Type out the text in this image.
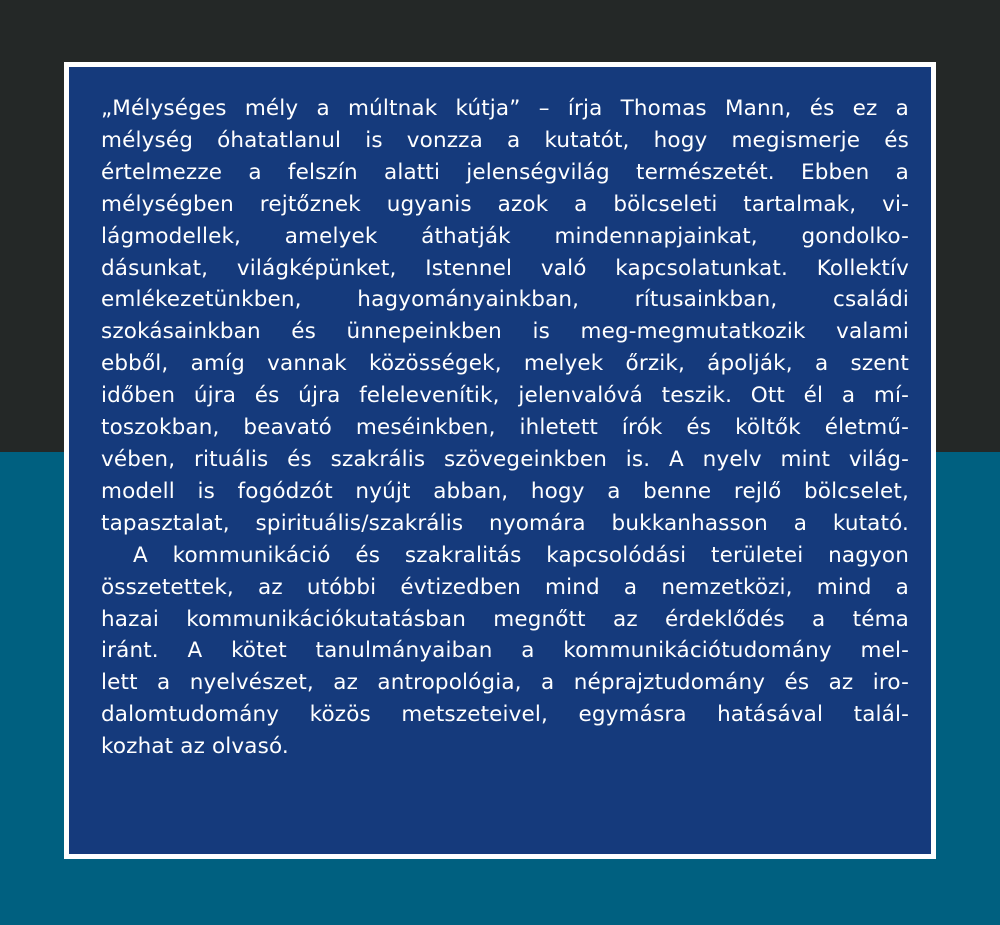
„Mélységes mély a múltnak kútja” – írja Thomas Mann, és ez a
mélység óhatatlanul is vonzza a kutatót, hogy megismerje és
értelmezze a felszín alatti jelenségvilág természetét. Ebben a
mélységben rejtőznek ugyanis azok a bölcseleti tartalmak, vi-
lágmodellek, amelyek áthatják mindennapjainkat, gondolko-
dásunkat, világképünket, Istennel való kapcsolatunkat. Kollektív
emlékezetünkben, hagyományainkban, rítusainkban, családi
szokásainkban és ünnepeinkben is meg-megmutatkozik valami
ebből, amíg vannak közösségek, melyek őrzik, ápolják, a szent
időben újra és újra felelevenítik, jelenvalóvá teszik. Ott él a mí-
toszokban, beavató meséinkben, ihletett írók és költők életmű-
vében, rituális és szakrális szövegeinkben is. A nyelv mint világ-
modell is fogódzót nyújt abban, hogy a benne rejlő bölcselet,
tapasztalat, spirituális/szakrális nyomára bukkanhasson a kutató.

A kommunikáció és szakralitás kapcsolódási területei nagyon
összetettek, az utóbbi évtizedben mind a nemzetközi, mind a
hazai kommunikációkutatásban megnőtt az érdeklődés a téma
iránt. A kötet tanulmányaiban a kommunikációtudomány mel-
lett a nyelvészet, az antropológia, a néprajztudomány és az iro-
dalomtudomány közös metszeteivel, egymásra hatásával talál-
kozhat az olvasó.
